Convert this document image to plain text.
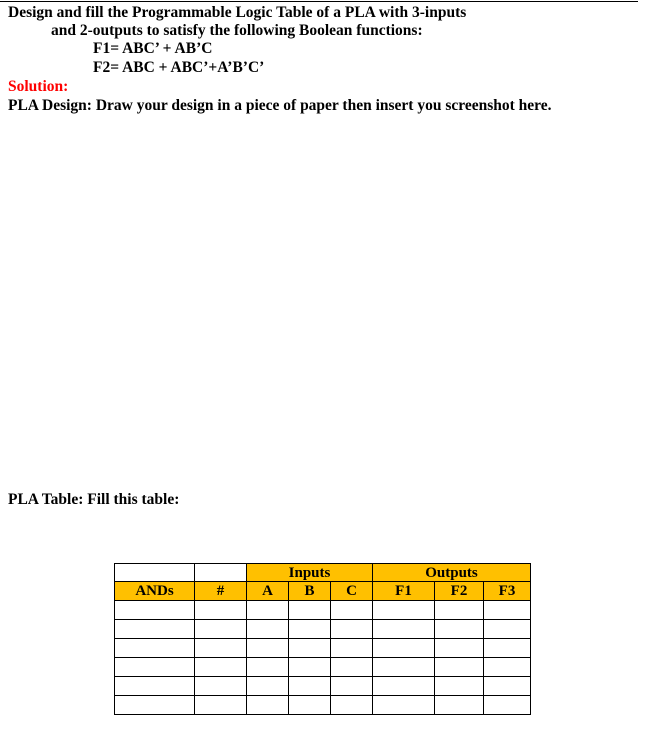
Design and fill the Programmable Logic Table of a PLA with 3-inputs
and 2-outputs to satisfy the following Boolean functions:
F1= ABC’ + AB’C
F2= ABC + ABC’+A’B’C’
Solution:
PLA Design: Draw your design in a piece of paper then insert you screenshot here.
PLA Table: Fill this table:
		Inputs			Outputs		
ANDs	#	A	B	C	F1	F2	F3
